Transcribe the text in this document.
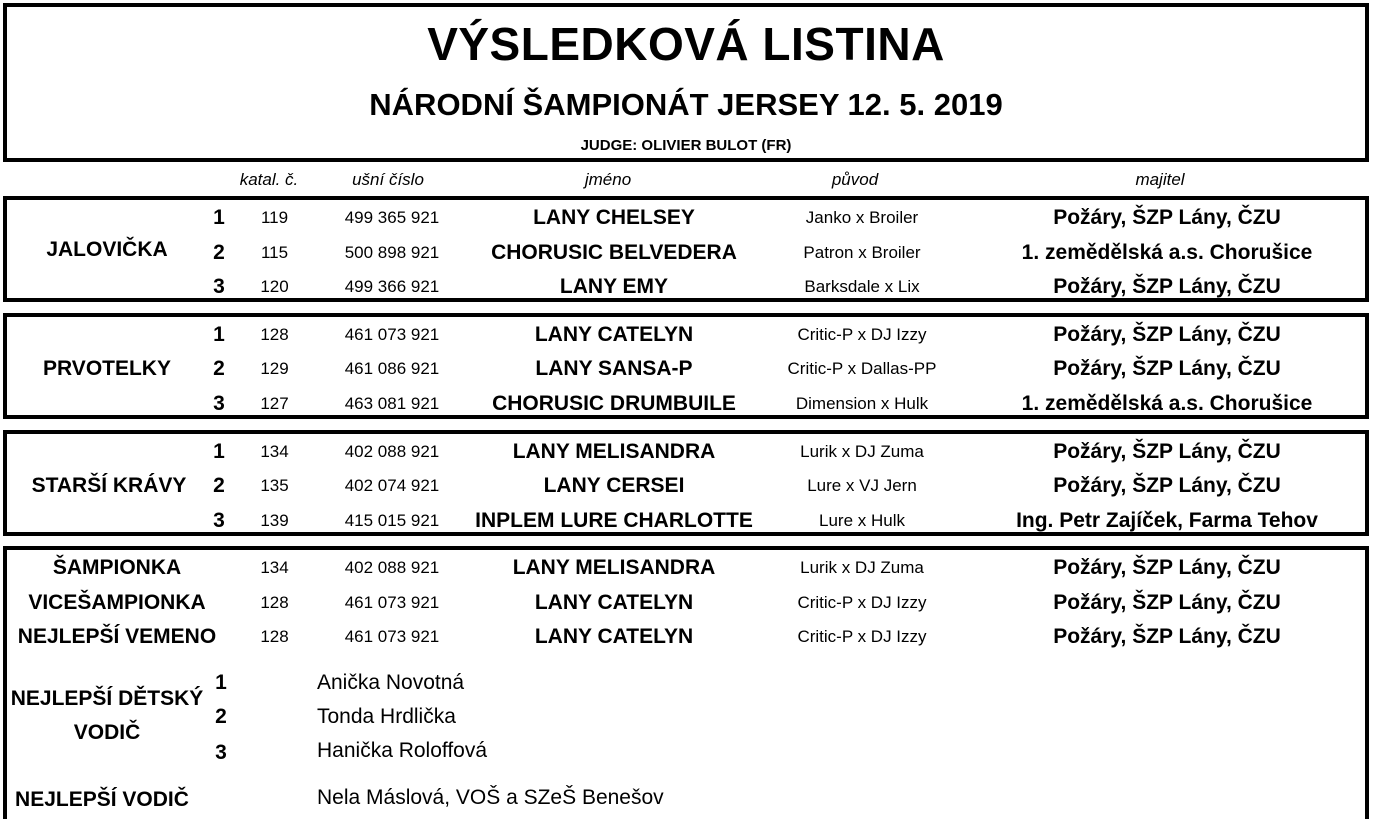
VÝSLEDKOVÁ LISTINA
NÁRODNÍ ŠAMPIONÁT JERSEY 12. 5. 2019
JUDGE: OLIVIER BULOT (FR)
katal. č.	ušní číslo	jméno	původ	majitel
JALOVIČKA
1	119	499 365 921	LANY CHELSEY	Janko x Broiler	Požáry, ŠZP Lány, ČZU
2	115	500 898 921	CHORUSIC BELVEDERA	Patron x Broiler	1. zemědělská a.s. Chorušice
3	120	499 366 921	LANY EMY	Barksdale x Lix	Požáry, ŠZP Lány, ČZU
PRVOTELKY
1	128	461 073 921	LANY CATELYN	Critic-P x DJ Izzy	Požáry, ŠZP Lány, ČZU
2	129	461 086 921	LANY SANSA-P	Critic-P x Dallas-PP	Požáry, ŠZP Lány, ČZU
3	127	463 081 921	CHORUSIC DRUMBUILE	Dimension x Hulk	1. zemědělská a.s. Chorušice
STARŠÍ KRÁVY
1	134	402 088 921	LANY MELISANDRA	Lurik x DJ Zuma	Požáry, ŠZP Lány, ČZU
2	135	402 074 921	LANY CERSEI	Lure x VJ Jern	Požáry, ŠZP Lány, ČZU
3	139	415 015 921	INPLEM LURE CHARLOTTE	Lure x Hulk	Ing. Petr Zajíček, Farma Tehov
ŠAMPIONKA	134	402 088 921	LANY MELISANDRA	Lurik x DJ Zuma	Požáry, ŠZP Lány, ČZU
VICEŠAMPIONKA	128	461 073 921	LANY CATELYN	Critic-P x DJ Izzy	Požáry, ŠZP Lány, ČZU
NEJLEPŠÍ VEMENO	128	461 073 921	LANY CATELYN	Critic-P x DJ Izzy	Požáry, ŠZP Lány, ČZU
NEJLEPŠÍ DĚTSKÝ
VODIČ
1	Anička Novotná
2	Tonda Hrdlička
3	Hanička Roloffová
NEJLEPŠÍ VODIČ	Nela Máslová, VOŠ a SZeŠ Benešov
